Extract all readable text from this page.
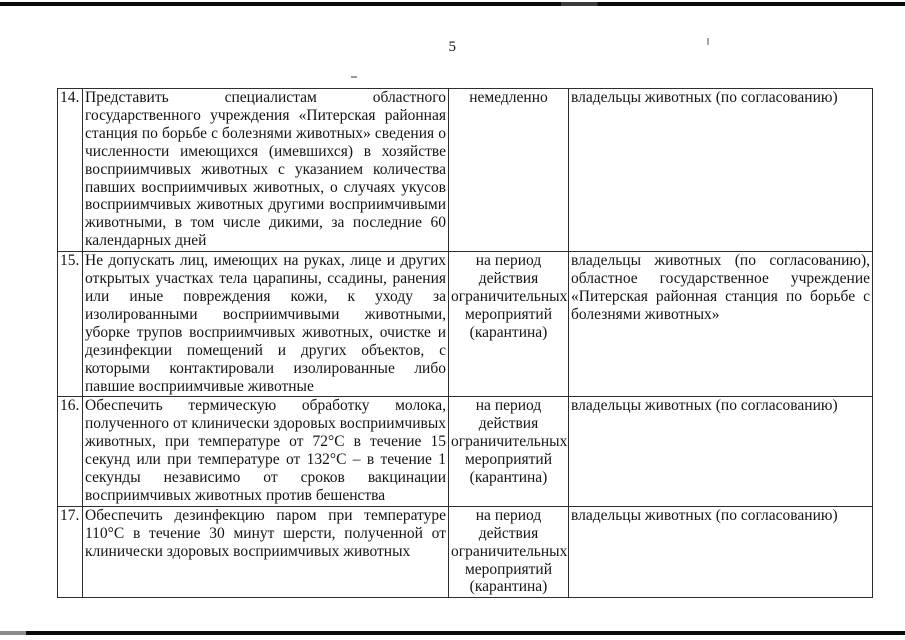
5
14.	Представить специалистам областного государственного учреждения «Питерская районная станция по борьбе с болезнями животных» сведения о численности имеющихся (имевшихся) в хозяйстве восприимчивых животных с указанием количества павших восприимчивых животных, о случаях укусов восприимчивых животных другими восприимчивыми животными, в том числе дикими, за последние 60 календарных дней	немедленно	владельцы животных (по согласованию)
15.	Не допускать лиц, имеющих на руках, лице и других открытых участках тела царапины, ссадины, ранения или иные повреждения кожи, к уходу за изолированными восприимчивыми животными, уборке трупов восприимчивых животных, очистке и дезинфекции помещений и других объектов, с которыми контактировали изолированные либо павшие восприимчивые животные	на период действия ограничительных мероприятий (карантина)	владельцы животных (по согласованию), областное государственное учреждение «Питерская районная станция по борьбе с болезнями животных»
16.	Обеспечить термическую обработку молока, полученного от клинически здоровых восприимчивых животных, при температуре от 72°С в течение 15 секунд или при температуре от 132°С – в течение 1 секунды независимо от сроков вакцинации восприимчивых животных против бешенства	на период действия ограничительных мероприятий (карантина)	владельцы животных (по согласованию)
17.	Обеспечить дезинфекцию паром при температуре 110°С в течение 30 минут шерсти, полученной от клинически здоровых восприимчивых животных	на период действия ограничительных мероприятий (карантина)	владельцы животных (по согласованию)
